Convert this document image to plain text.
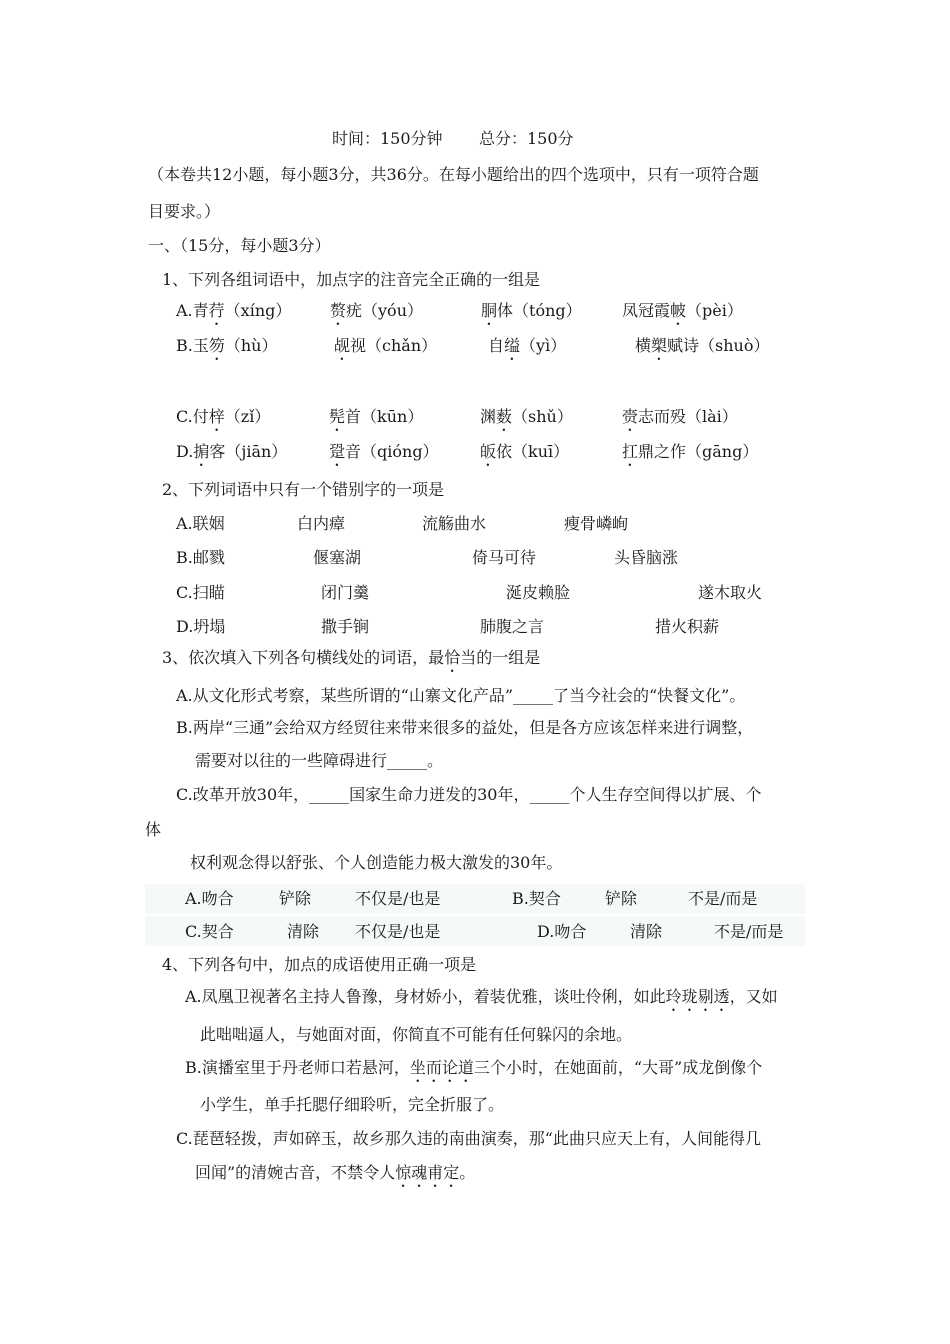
时间：150分钟 总分：150分
（本卷共12小题，每小题3分，共36分。在每小题给出的四个选项中，只有一项符合题
目要求。）
一、（15分，每小题3分）
1、下列各组词语中，加点字的注音完全正确的一组是
A.青荇（xíng） 赘疣（yóu）	胴体（tóng）	凤冠霞帔（pèi）
B.玉笏（hù）	觇视（chǎn）	自缢（yì）	横槊赋诗（shuò）
C.付梓（zǐ）	髡首（kūn）	渊薮（shǔ）	赍志而殁（lài）
D.掮客（jiān）	跫音（qióng）	皈依（kuī）	扛鼎之作（gāng）
2、下列词语中只有一个错别字的一项是
A.联姻	白内瘴	流觞曲水	瘦骨嶙峋
B.邮戮	偃塞湖	倚马可待	头昏脑涨
C.扫瞄	闭门羹	涎皮赖脸	遂木取火
D.坍塌	撒手锏	肺腹之言	措火积薪
3、依次填入下列各句横线处的词语，最恰当的一组是
A.从文化形式考察，某些所谓的“山寨文化产品”_____了当今社会的“快餐文化”。
B.两岸“三通”会给双方经贸往来带来很多的益处，但是各方应该怎样来进行调整，
需要对以往的一些障碍进行_____。
C.改革开放30年，_____国家生命力迸发的30年，_____个人生存空间得以扩展、个
体
权利观念得以舒张、个人创造能力极大激发的30年。
A.吻合	铲除	不仅是/也是	B.契合	铲除	不是/而是
C.契合	清除 不仅是/也是	D.吻合	清除	不是/而是
4、下列各句中，加点的成语使用正确一项是
A.凤凰卫视著名主持人鲁豫，身材娇小，着装优雅，谈吐伶俐，如此玲珑剔透，又如
此咄咄逼人，与她面对面，你简直不可能有任何躲闪的余地。
B.演播室里于丹老师口若悬河，坐而论道三个小时，在她面前，“大哥”成龙倒像个
小学生，单手托腮仔细聆听，完全折服了。
C.琵琶轻拨，声如碎玉，故乡那久违的南曲演奏，那“此曲只应天上有，人间能得几
回闻”的清婉古音，不禁令人惊魂甫定。
